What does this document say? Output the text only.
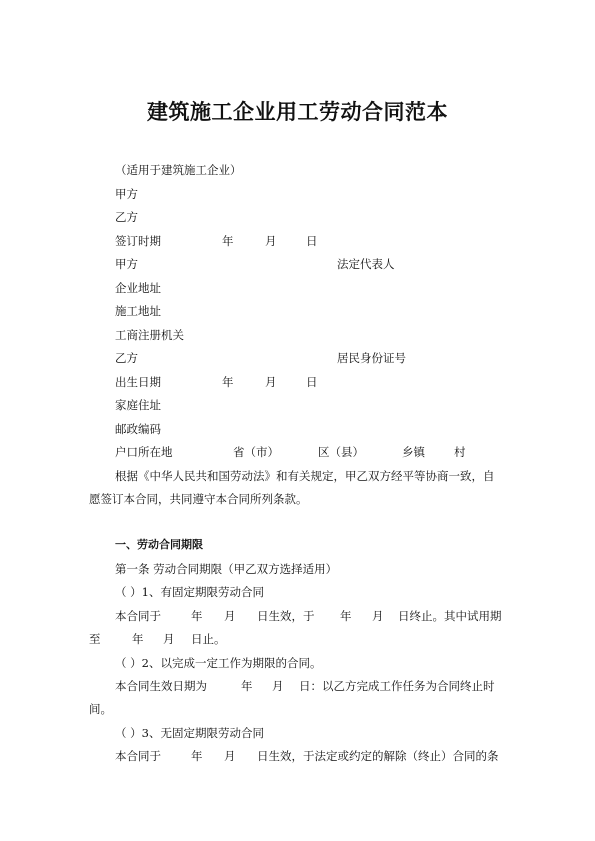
建筑施工企业用工劳动合同范本
（适用于建筑施工企业）
甲方
乙方
签订时期	年	月	日
甲方	法定代表人
企业地址
施工地址
工商注册机关
乙方	居民身份证号
出生日期	年	月	日
家庭住址
邮政编码
户口所在地	省（市）	区（县）	乡镇	村
根据《中华人民共和国劳动法》和有关规定，甲乙双方经平等协商一致，自
愿签订本合同，共同遵守本合同所列条款。
一、劳动合同期限
第一条 劳动合同期限（甲乙双方选择适用）
（ ）1、有固定期限劳动合同
本合同于	年 月 日生效，于 年 月 日终止。其中试用期
至	年 月 日止。
（ ）2、以完成一定工作为期限的合同。
本合同生效日期为	年 月 日：以乙方完成工作任务为合同终止时
间。
（ ）3、无固定期限劳动合同
本合同于	年 月 日生效，于法定或约定的解除（终止）合同的条
